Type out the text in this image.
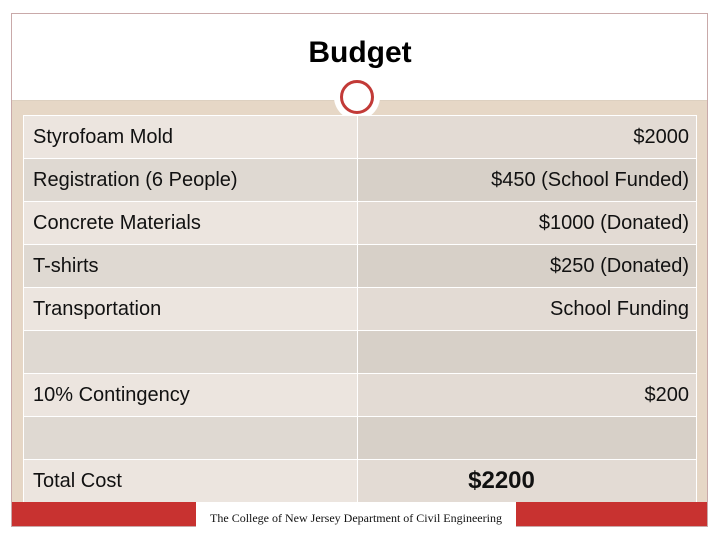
Budget
Styrofoam Mold	$2000
Registration (6 People)	$450 (School Funded)
Concrete Materials	$1000 (Donated)
T-shirts	$250 (Donated)
Transportation	School Funding

10% Contingency	$200

Total Cost	$2200
The College of New Jersey Department of Civil Engineering
